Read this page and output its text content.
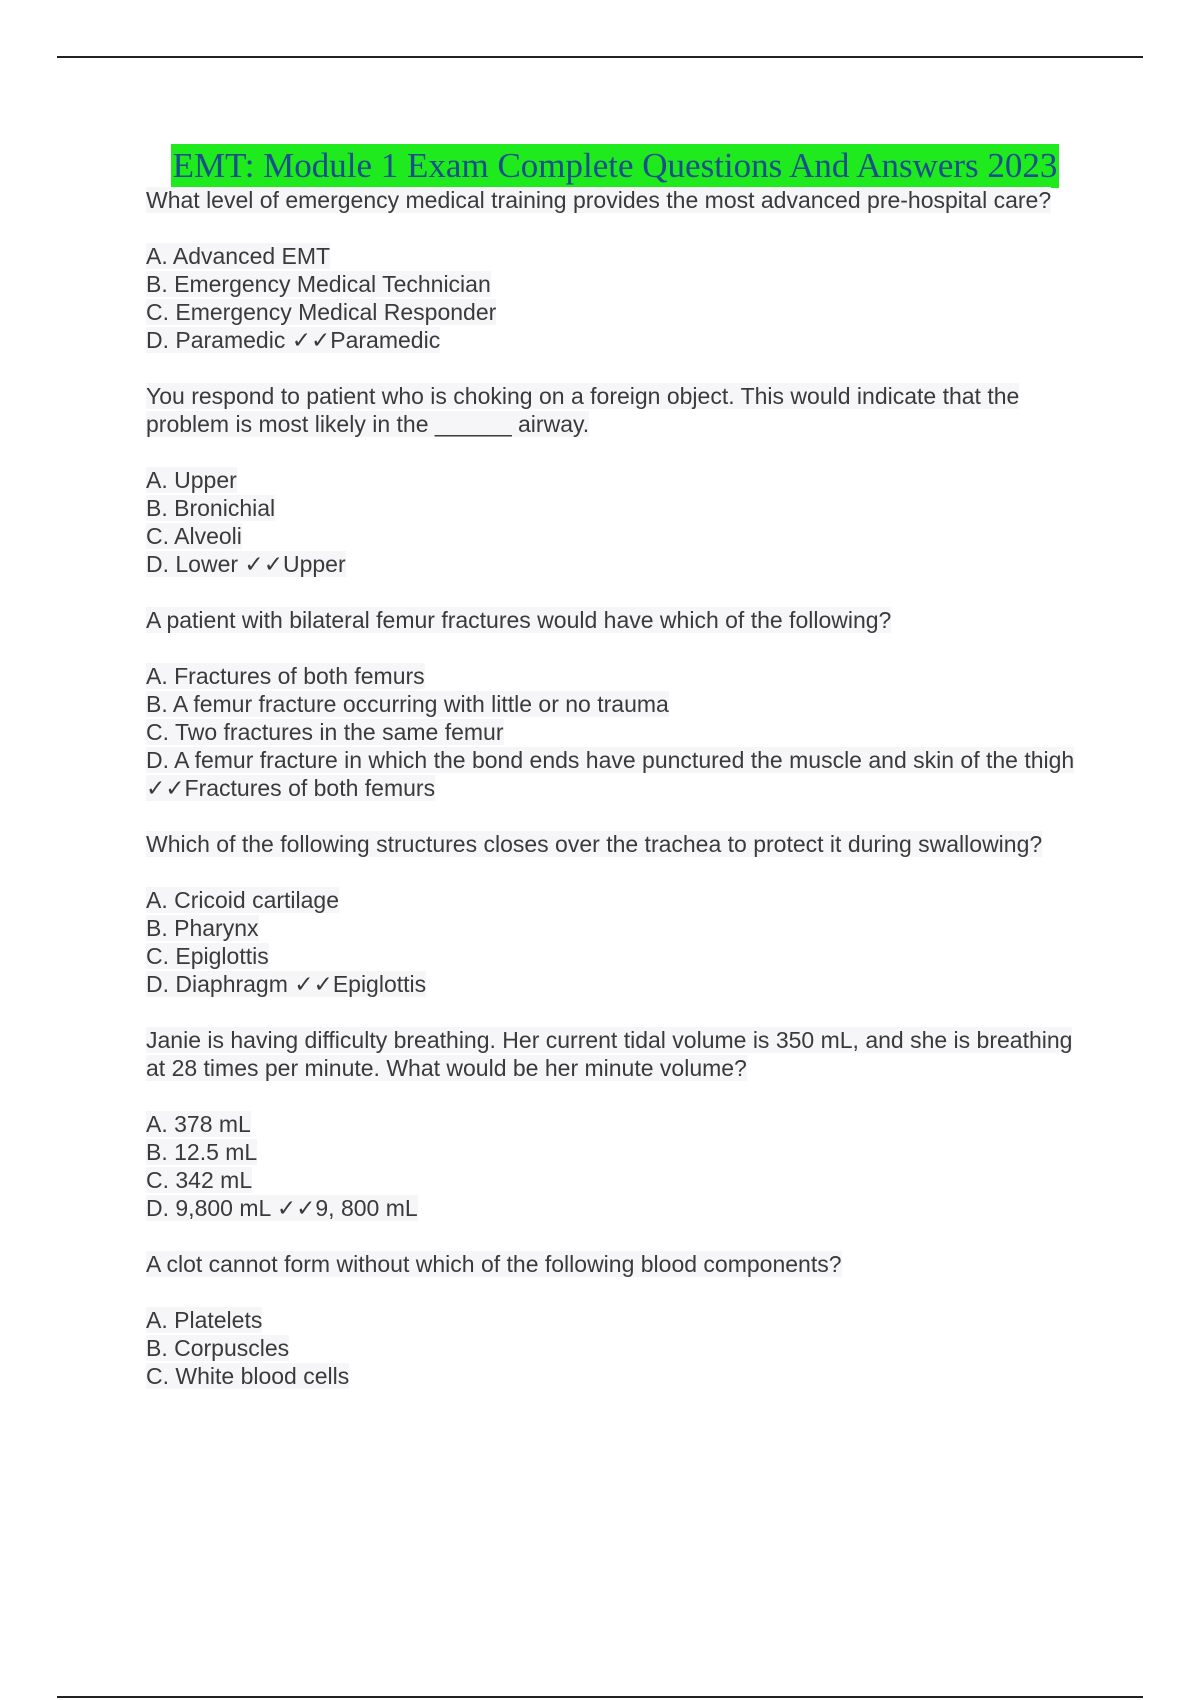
EMT: Module 1 Exam Complete Questions And Answers 2023

What level of emergency medical training provides the most advanced pre-hospital care?

A. Advanced EMT

B. Emergency Medical Technician

C. Emergency Medical Responder

D. Paramedic ✓✓Paramedic

You respond to patient who is choking on a foreign object. This would indicate that the problem is most likely in the ______ airway.

A. Upper

B. Bronichial

C. Alveoli

D. Lower ✓✓Upper

A patient with bilateral femur fractures would have which of the following?

A. Fractures of both femurs

B. A femur fracture occurring with little or no trauma

C. Two fractures in the same femur

D. A femur fracture in which the bond ends have punctured the muscle and skin of the thigh ✓✓Fractures of both femurs

Which of the following structures closes over the trachea to protect it during swallowing?

A. Cricoid cartilage

B. Pharynx

C. Epiglottis

D. Diaphragm ✓✓Epiglottis

Janie is having difficulty breathing. Her current tidal volume is 350 mL, and she is breathing at 28 times per minute. What would be her minute volume?

A. 378 mL

B. 12.5 mL

C. 342 mL

D. 9,800 mL ✓✓9, 800 mL

A clot cannot form without which of the following blood components?

A. Platelets

B. Corpuscles

C. White blood cells
